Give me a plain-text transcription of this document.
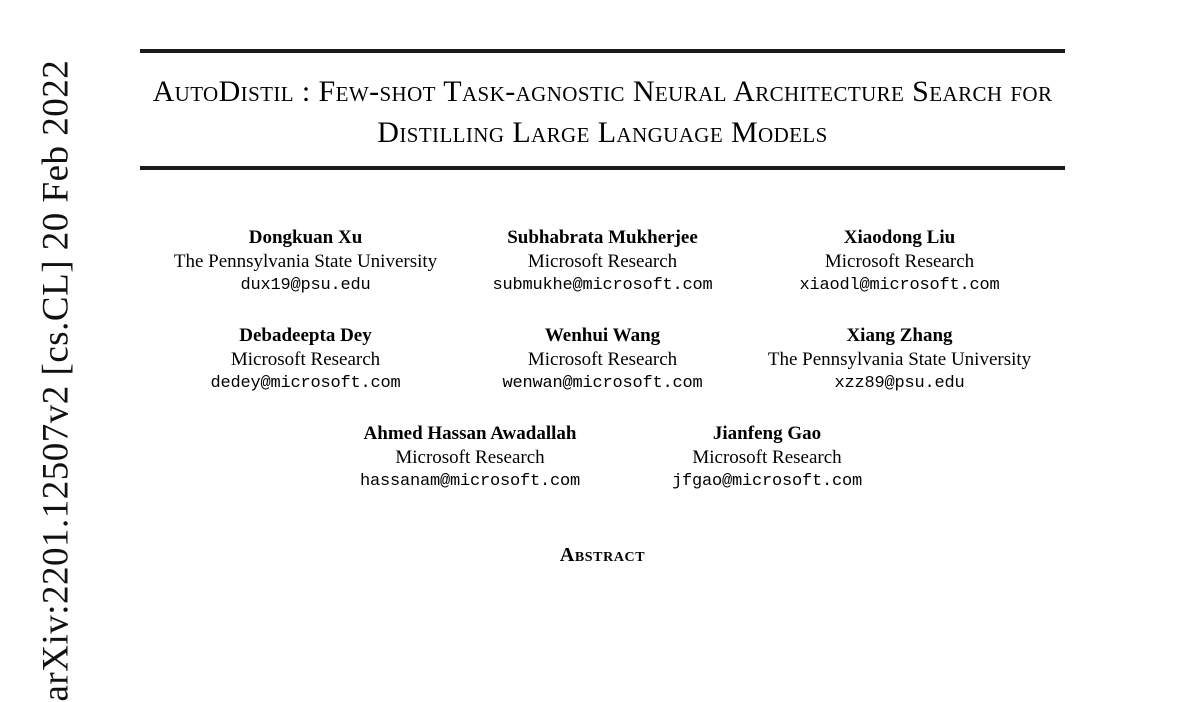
arXiv:2201.12507v2 [cs.CL] 20 Feb 2022	AutoDistil : Few-shot Task-agnostic Neural Architecture Search for Distilling Large Language Models
Dongkuan Xu
The Pennsylvania State University
dux19@psu.edu
Subhabrata Mukherjee
Microsoft Research
submukhe@microsoft.com
Xiaodong Liu
Microsoft Research
xiaodl@microsoft.com
Debadeepta Dey
Microsoft Research
dedey@microsoft.com
Wenhui Wang
Microsoft Research
wenwan@microsoft.com
Xiang Zhang
The Pennsylvania State University
xzz89@psu.edu
Ahmed Hassan Awadallah
Microsoft Research
hassanam@microsoft.com
Jianfeng Gao
Microsoft Research
jfgao@microsoft.com
Abstract
